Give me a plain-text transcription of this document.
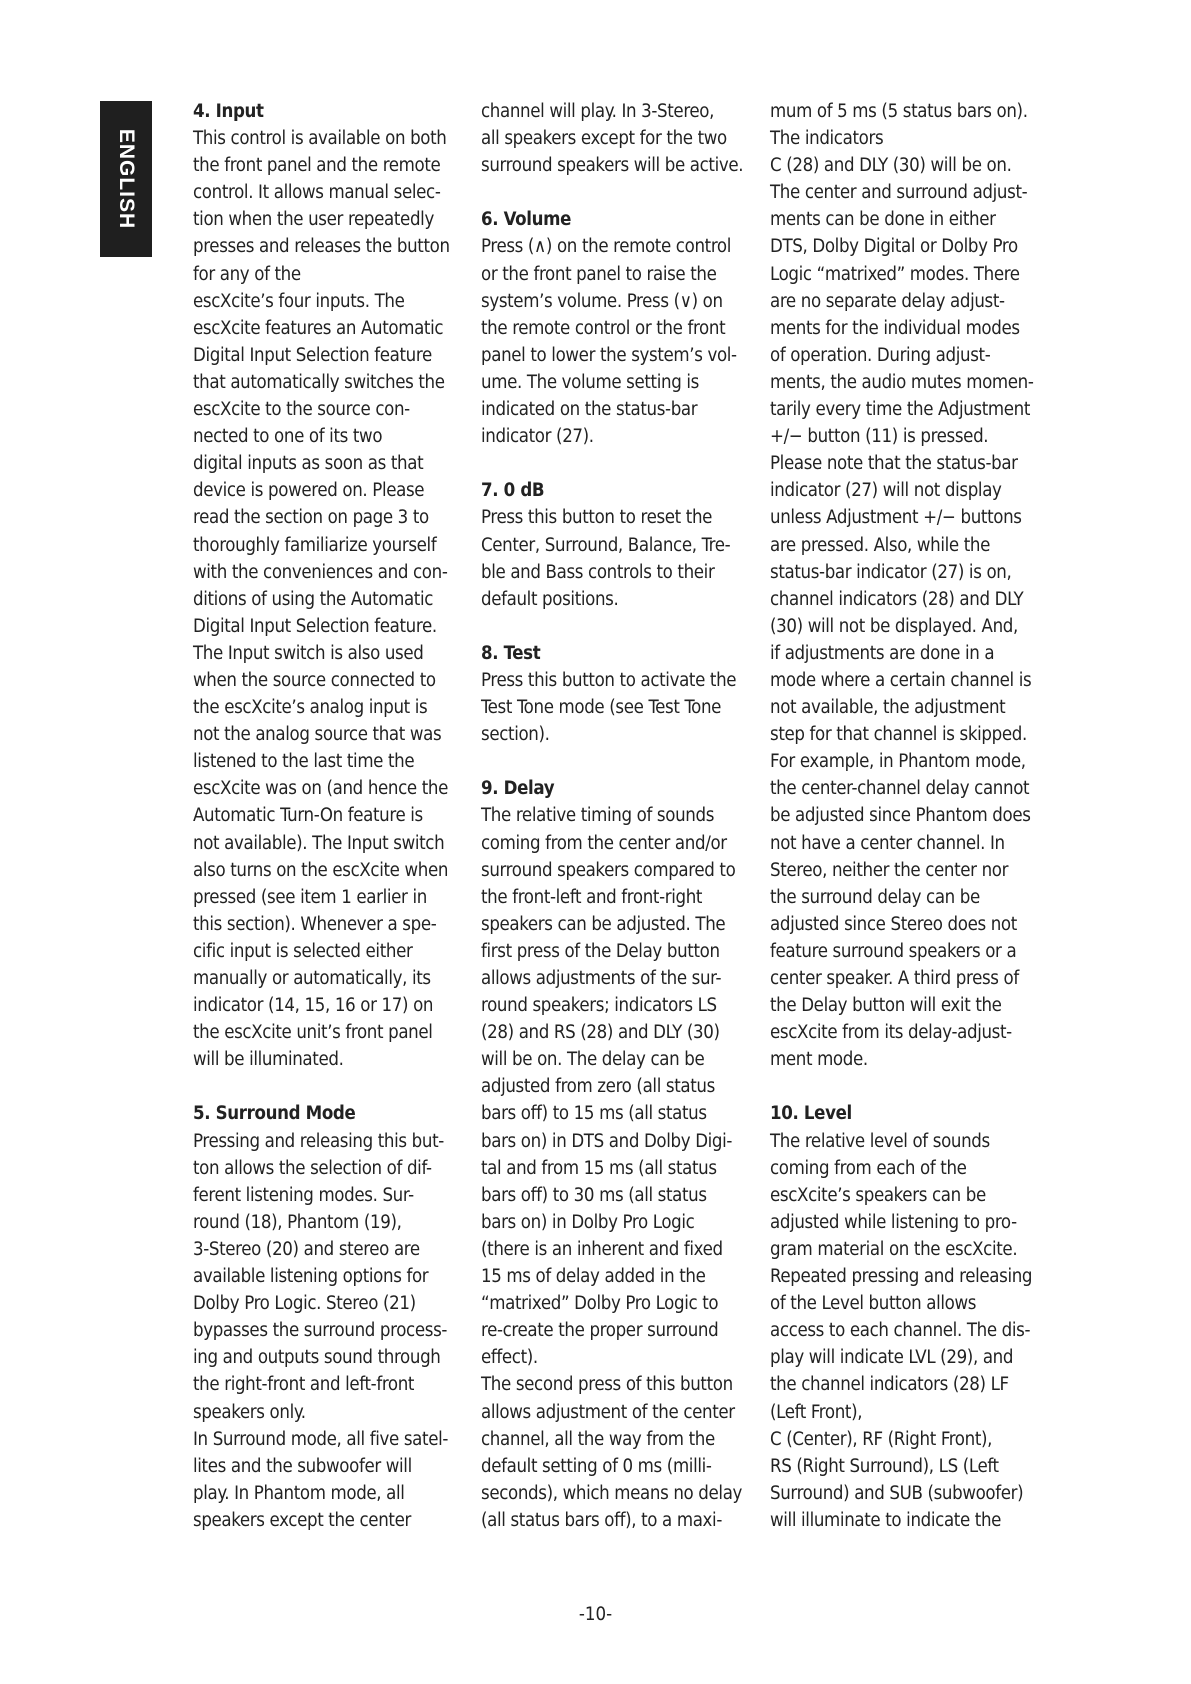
ENGLISH
4. Input

This control is available on both
the front panel and the remote
control. It allows manual selec-
tion when the user repeatedly
presses and releases the button
for any of the
escXcite’s four inputs. The
escXcite features an Automatic
Digital Input Selection feature
that automatically switches the
escXcite to the source con-
nected to one of its two
digital inputs as soon as that
device is powered on. Please
read the section on page 3 to
thoroughly familiarize yourself
with the conveniences and con-
ditions of using the Automatic
Digital Input Selection feature.
The Input switch is also used
when the source connected to
the escXcite’s analog input is
not the analog source that was
listened to the last time the
escXcite was on (and hence the
Automatic Turn-On feature is
not available). The Input switch
also turns on the escXcite when
pressed (see item 1 earlier in
this section). Whenever a spe-
cific input is selected either
manually or automatically, its
indicator (14, 15, 16 or 17) on
the escXcite unit’s front panel
will be illuminated.

5. Surround Mode

Pressing and releasing this but-
ton allows the selection of dif-
ferent listening modes. Sur-
round (18), Phantom (19),
3-Stereo (20) and stereo are
available listening options for
Dolby Pro Logic. Stereo (21)
bypasses the surround process-
ing and outputs sound through
the right-front and left-front
speakers only.
In Surround mode, all five satel-
lites and the subwoofer will
play. In Phantom mode, all
speakers except the center

channel will play. In 3-Stereo,
all speakers except for the two
surround speakers will be active.

6. Volume

Press (∧) on the remote control
or the front panel to raise the
system’s volume. Press (∨) on
the remote control or the front
panel to lower the system’s vol-
ume. The volume setting is
indicated on the status-bar
indicator (27).

7. 0 dB

Press this button to reset the
Center, Surround, Balance, Tre-
ble and Bass controls to their
default positions.

8. Test

Press this button to activate the
Test Tone mode (see Test Tone
section).

9. Delay

The relative timing of sounds
coming from the center and/or
surround speakers compared to
the front-left and front-right
speakers can be adjusted. The
first press of the Delay button
allows adjustments of the sur-
round speakers; indicators LS
(28) and RS (28) and DLY (30)
will be on. The delay can be
adjusted from zero (all status
bars off) to 15 ms (all status
bars on) in DTS and Dolby Digi-
tal and from 15 ms (all status
bars off) to 30 ms (all status
bars on) in Dolby Pro Logic
(there is an inherent and fixed
15 ms of delay added in the
“matrixed” Dolby Pro Logic to
re-create the proper surround
effect).
The second press of this button
allows adjustment of the center
channel, all the way from the
default setting of 0 ms (milli-
seconds), which means no delay
(all status bars off), to a maxi-

mum of 5 ms (5 status bars on).
The indicators
C (28) and DLY (30) will be on.
The center and surround adjust-
ments can be done in either
DTS, Dolby Digital or Dolby Pro
Logic “matrixed” modes. There
are no separate delay adjust-
ments for the individual modes
of operation. During adjust-
ments, the audio mutes momen-
tarily every time the Adjustment
+/− button (11) is pressed.
Please note that the status-bar
indicator (27) will not display
unless Adjustment +/− buttons
are pressed. Also, while the
status-bar indicator (27) is on,
channel indicators (28) and DLY
(30) will not be displayed. And,
if adjustments are done in a
mode where a certain channel is
not available, the adjustment
step for that channel is skipped.
For example, in Phantom mode,
the center-channel delay cannot
be adjusted since Phantom does
not have a center channel. In
Stereo, neither the center nor
the surround delay can be
adjusted since Stereo does not
feature surround speakers or a
center speaker. A third press of
the Delay button will exit the
escXcite from its delay-adjust-
ment mode.

10. Level

The relative level of sounds
coming from each of the
escXcite’s speakers can be
adjusted while listening to pro-
gram material on the escXcite.
Repeated pressing and releasing
of the Level button allows
access to each channel. The dis-
play will indicate LVL (29), and
the channel indicators (28) LF
(Left Front),
C (Center), RF (Right Front),
RS (Right Surround), LS (Left
Surround) and SUB (subwoofer)
will illuminate to indicate the

-10-
